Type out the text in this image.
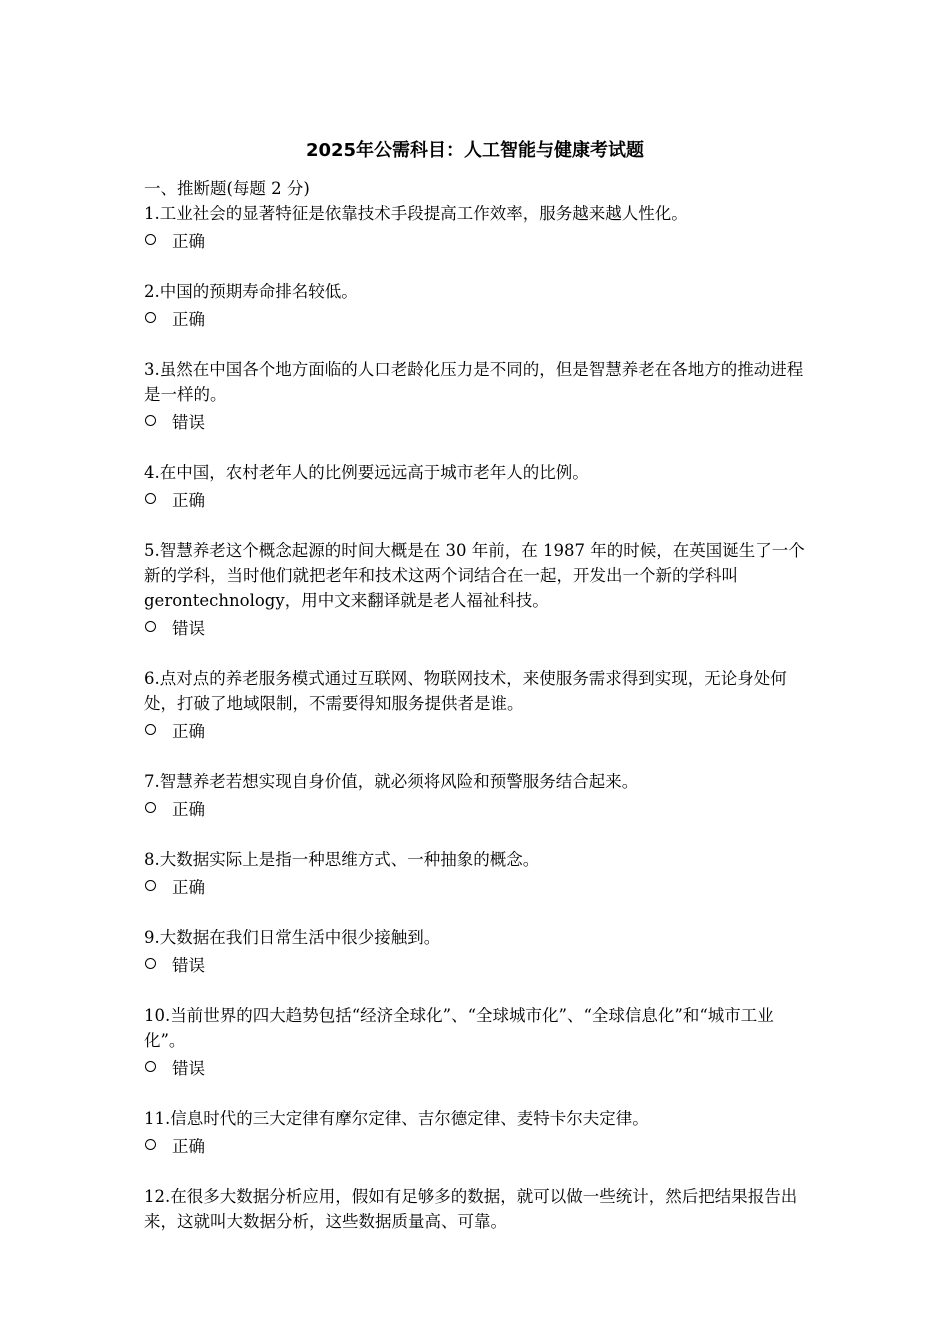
2025年公需科目：人工智能与健康考试题
一、推断题(每题 2 分)

1.工业社会的显著特征是依靠技术手段提高工作效率，服务越来越人性化。

正确

2.中国的预期寿命排名较低。

正确

3.虽然在中国各个地方面临的人口老龄化压力是不同的，但是智慧养老在各地方的推动进程是一样的。

错误

4.在中国，农村老年人的比例要远远高于城市老年人的比例。

正确

5.智慧养老这个概念起源的时间大概是在 30 年前，在 1987 年的时候，在英国诞生了一个新的学科，当时他们就把老年和技术这两个词结合在一起，开发出一个新的学科叫 gerontechnology，用中文来翻译就是老人福祉科技。

错误

6.点对点的养老服务模式通过互联网、物联网技术，来使服务需求得到实现，无论身处何处，打破了地域限制，不需要得知服务提供者是谁。

正确

7.智慧养老若想实现自身价值，就必须将风险和预警服务结合起来。

正确

8.大数据实际上是指一种思维方式、一种抽象的概念。

正确

9.大数据在我们日常生活中很少接触到。

错误

10.当前世界的四大趋势包括“经济全球化”、“全球城市化”、“全球信息化”和“城市工业化”。

错误

11.信息时代的三大定律有摩尔定律、吉尔德定律、麦特卡尔夫定律。

正确

12.在很多大数据分析应用，假如有足够多的数据，就可以做一些统计，然后把结果报告出来，这就叫大数据分析，这些数据质量高、可靠。
